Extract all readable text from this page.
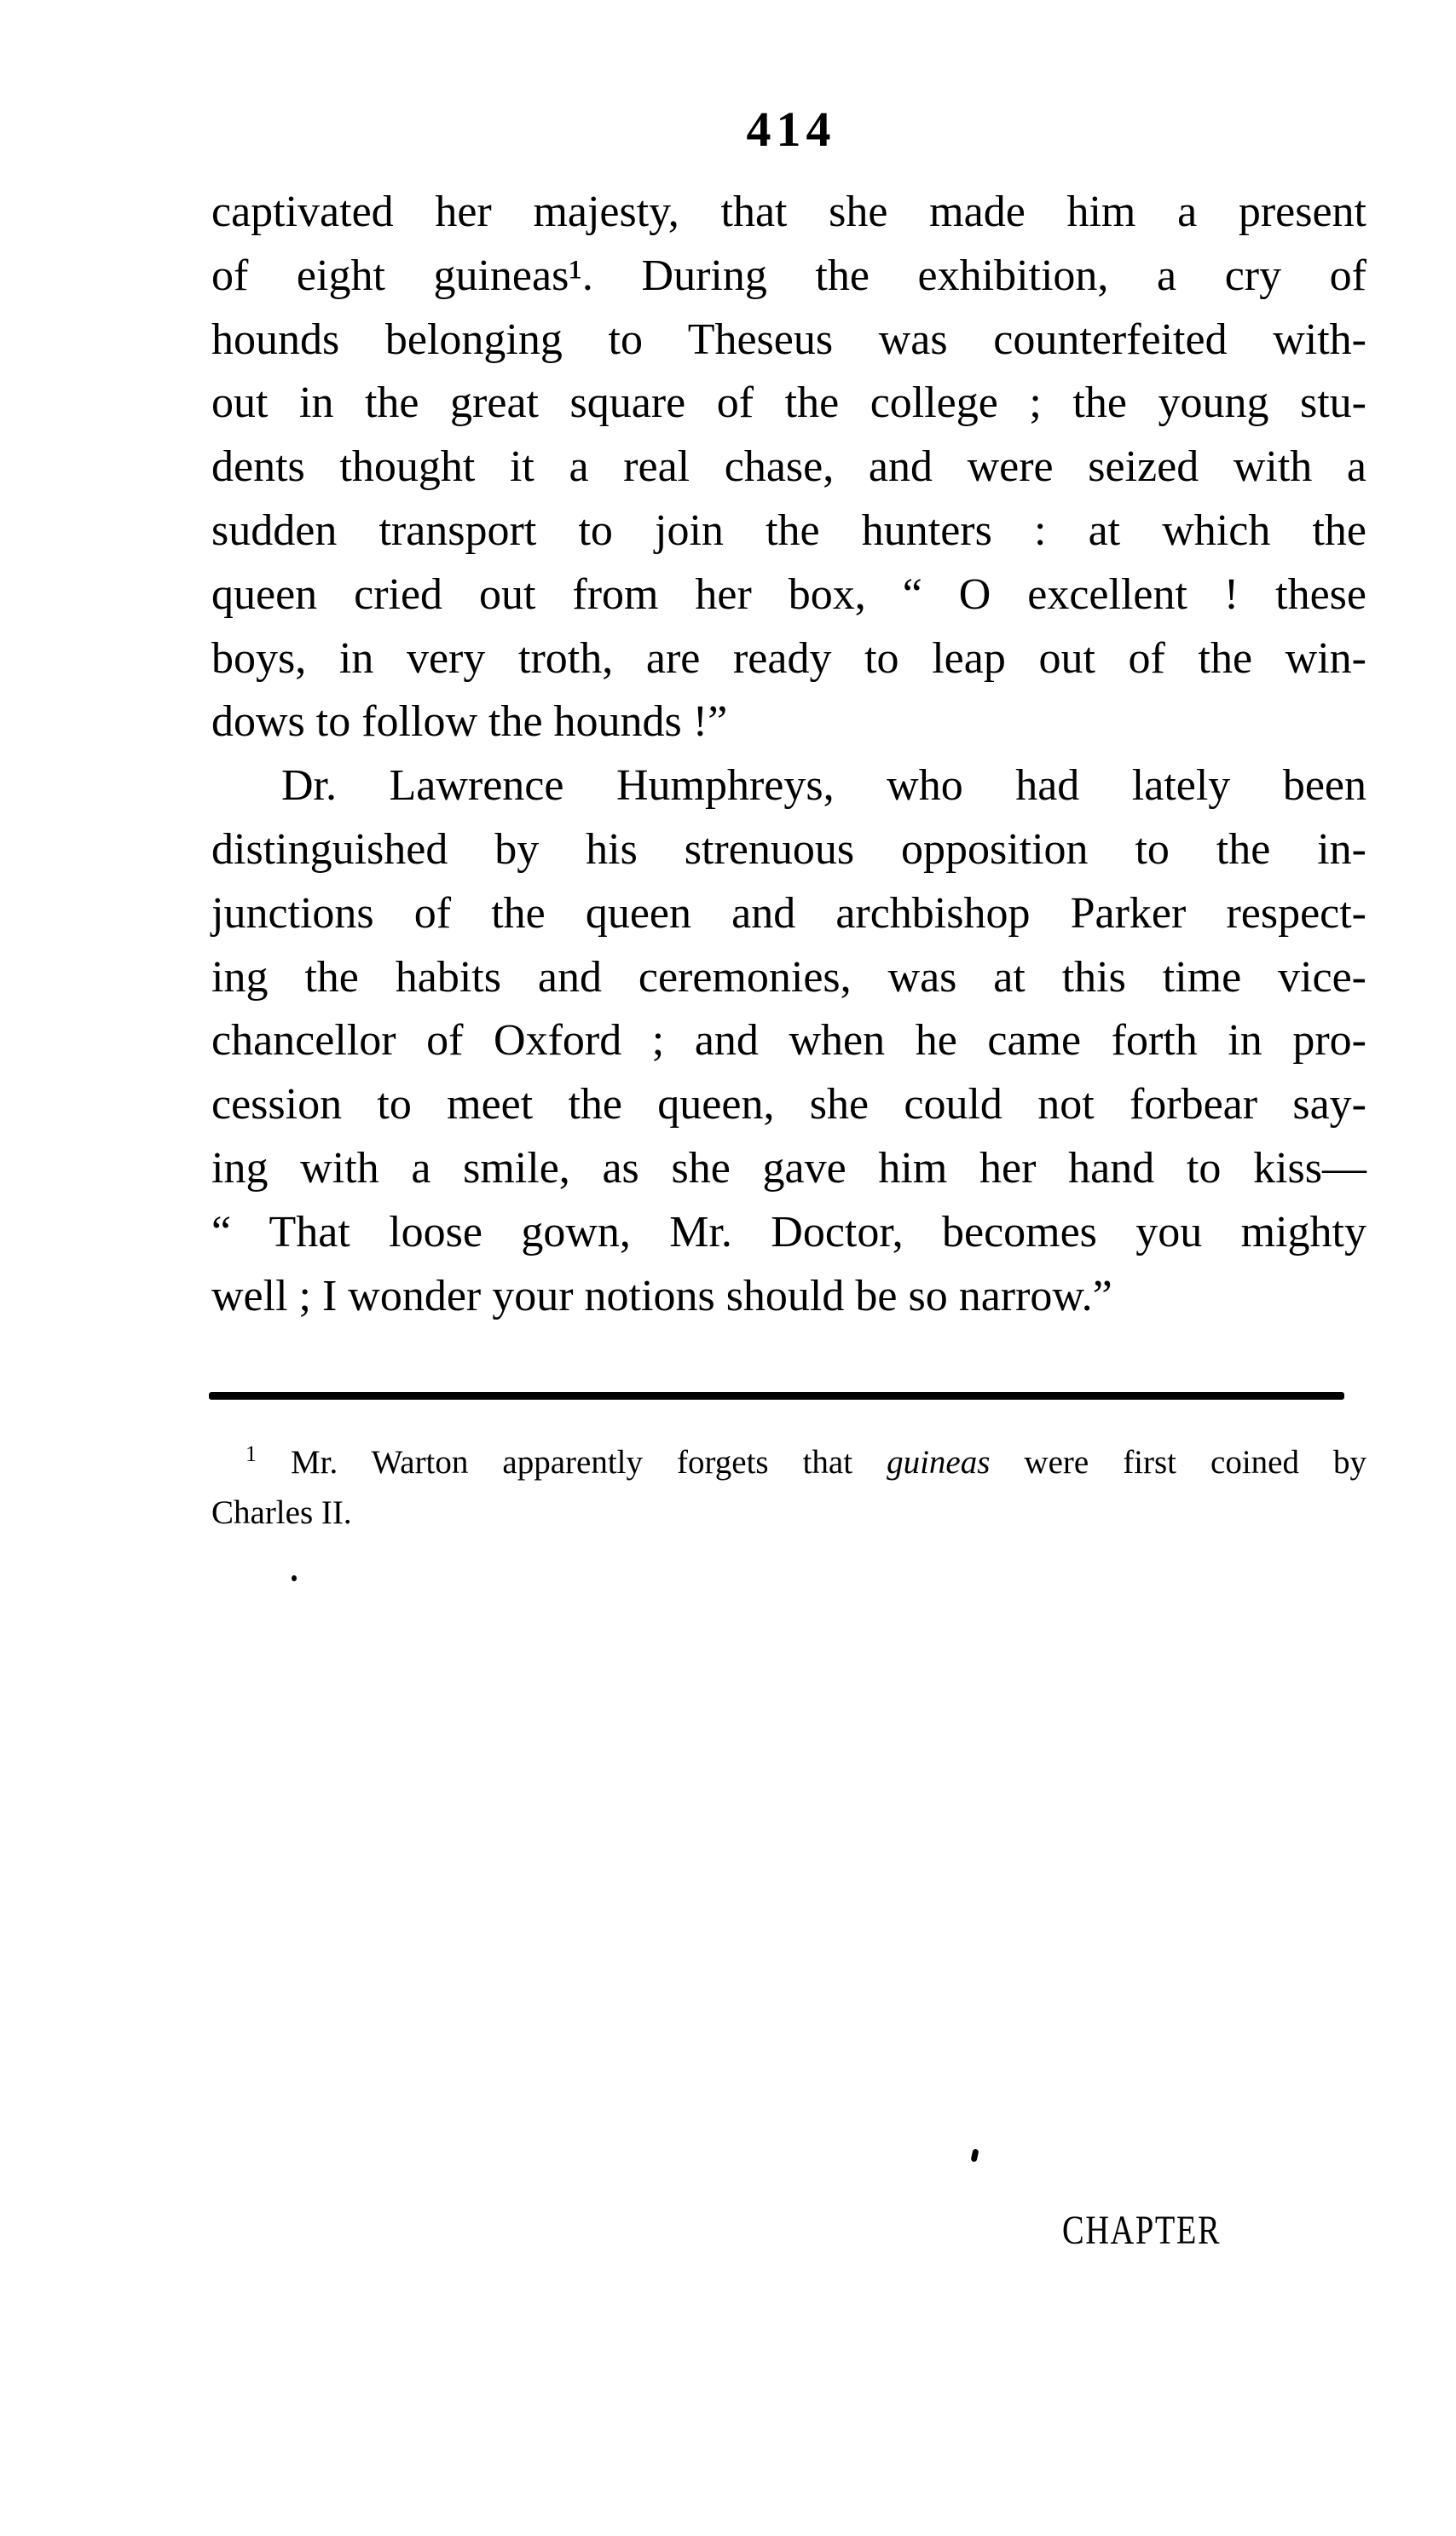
414
captivated her majesty, that she made him a present
of eight guineas¹. During the exhibition, a cry of
hounds belonging to Theseus was counterfeited with-
out in the great square of the college ; the young stu-
dents thought it a real chase, and were seized with a
sudden transport to join the hunters : at which the
queen cried out from her box, “ O excellent ! these
boys, in very troth, are ready to leap out of the win-
dows to follow the hounds !”
Dr. Lawrence Humphreys, who had lately been
distinguished by his strenuous opposition to the in-
junctions of the queen and archbishop Parker respect-
ing the habits and ceremonies, was at this time vice-
chancellor of Oxford ; and when he came forth in pro-
cession to meet the queen, she could not forbear say-
ing with a smile, as she gave him her hand to kiss—
“ That loose gown, Mr. Doctor, becomes you mighty
well ; I wonder your notions should be so narrow.”
$^1$ Mr. Warton apparently forgets that guineas were first coined by
Charles II.
CHAPTER
